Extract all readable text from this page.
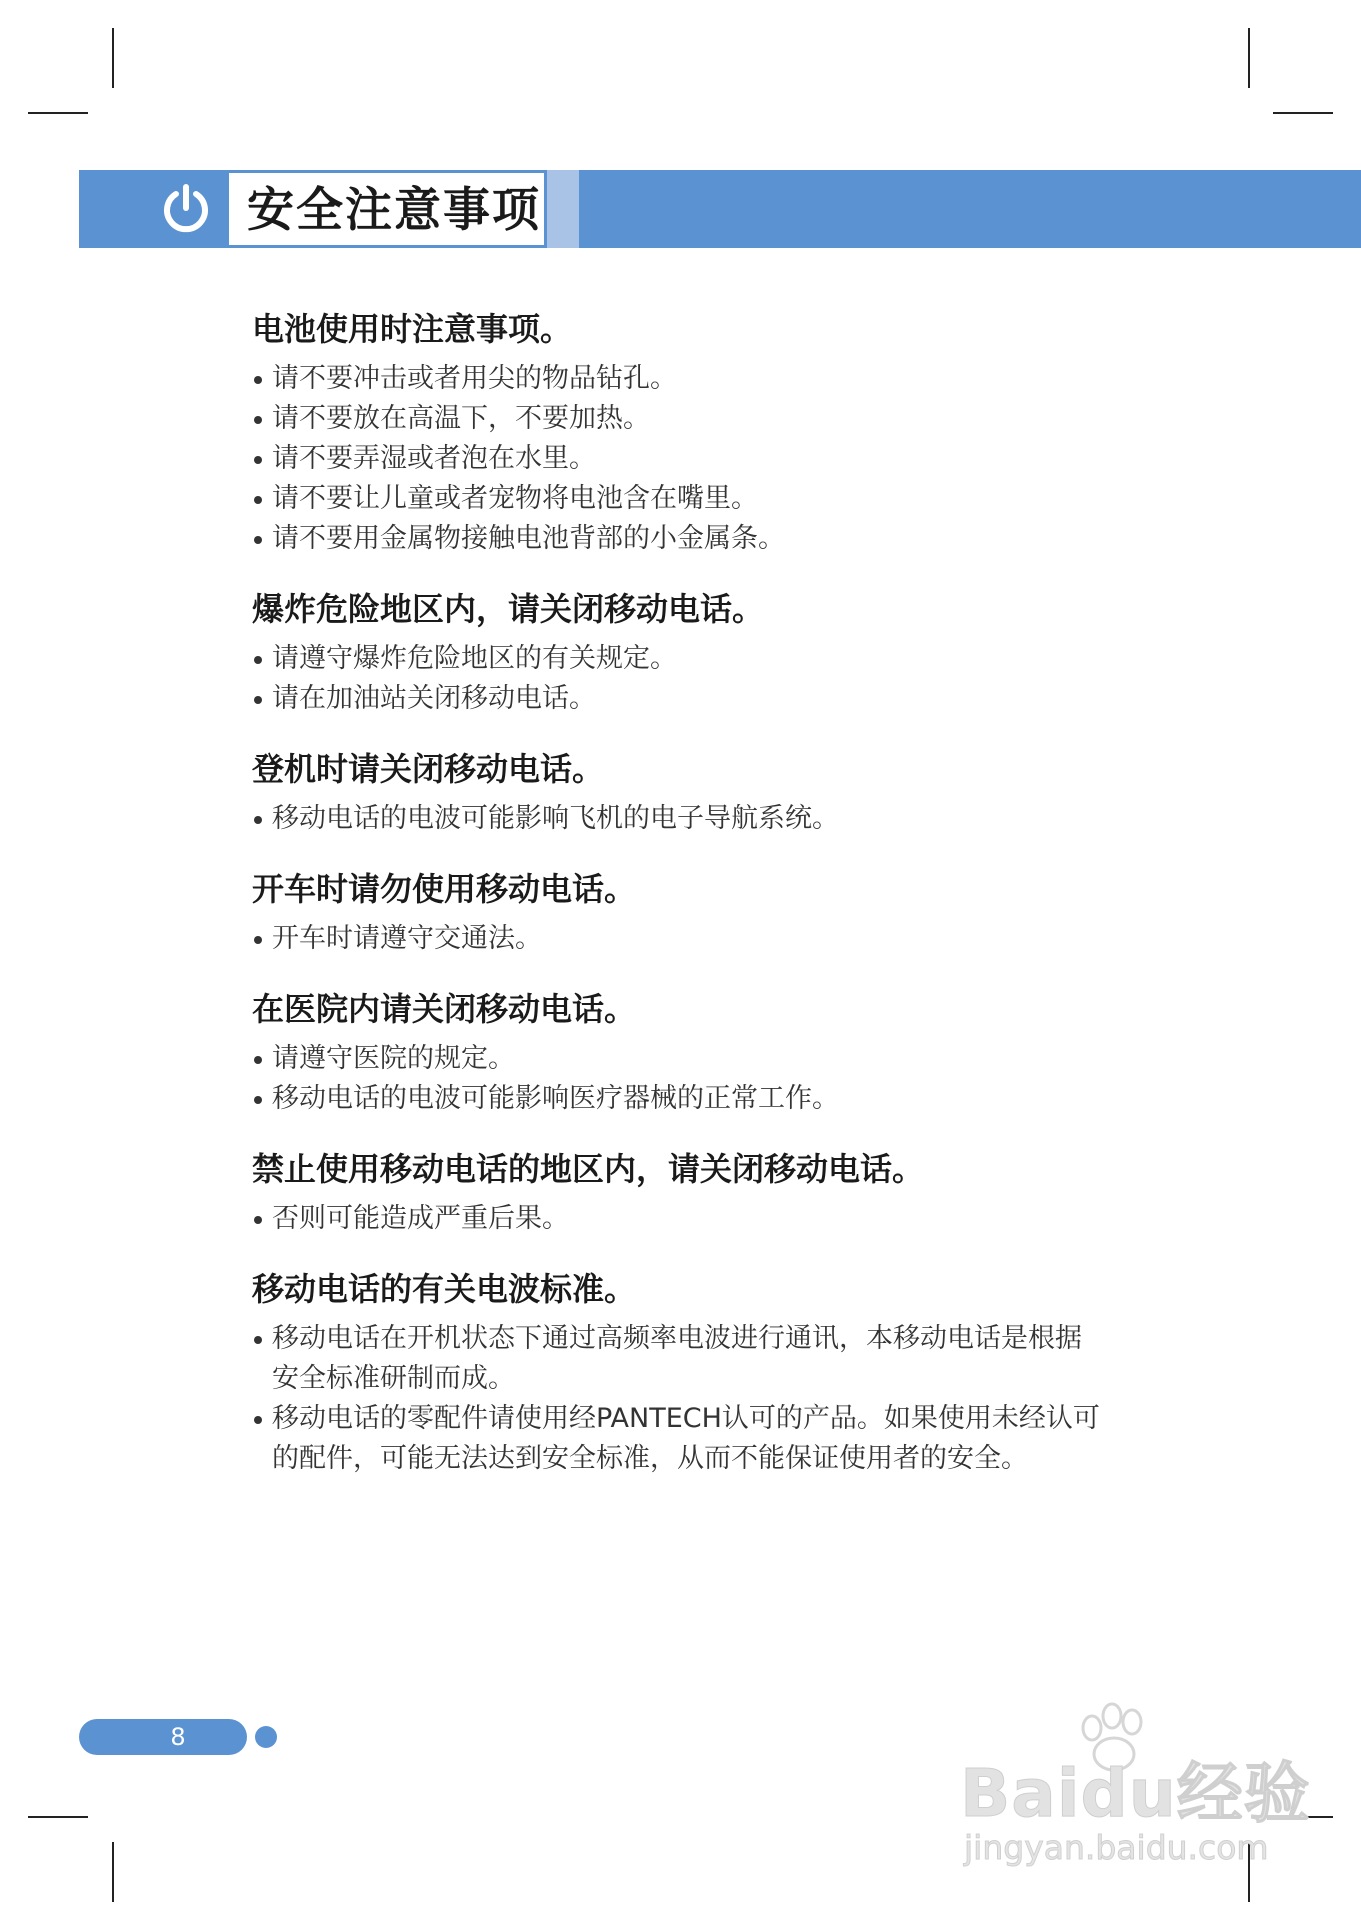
安全注意事项
电池使用时注意事项。
请不要冲击或者用尖的物品钻孔。
请不要放在高温下，不要加热。
请不要弄湿或者泡在水里。
请不要让儿童或者宠物将电池含在嘴里。
请不要用金属物接触电池背部的小金属条。
爆炸危险地区内，请关闭移动电话。
请遵守爆炸危险地区的有关规定。
请在加油站关闭移动电话。
登机时请关闭移动电话。
移动电话的电波可能影响飞机的电子导航系统。
开车时请勿使用移动电话。
开车时请遵守交通法。
在医院内请关闭移动电话。
请遵守医院的规定。
移动电话的电波可能影响医疗器械的正常工作。
禁止使用移动电话的地区内，请关闭移动电话。
否则可能造成严重后果。
移动电话的有关电波标准。
移动电话在开机状态下通过高频率电波进行通讯，本移动电话是根据安全标准研制而成。
移动电话的零配件请使用经PANTECH认可的产品。如果使用未经认可的配件，可能无法达到安全标准，从而不能保证使用者的安全。
8
Baidu经验
jingyan.baidu.com
